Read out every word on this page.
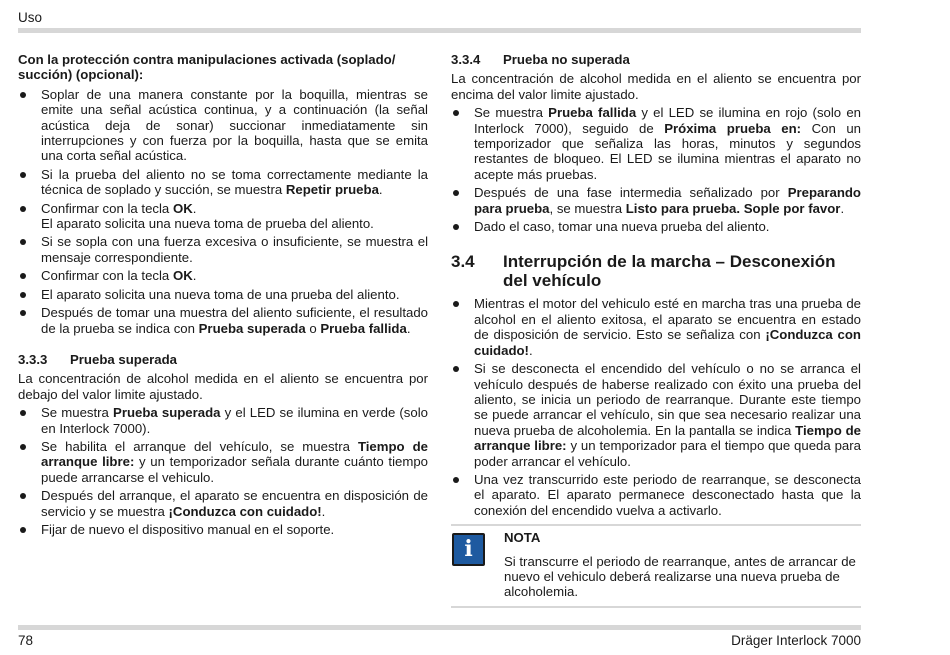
Uso
Con la protección contra manipulaciones activada (soplado/ succión) (opcional):
Soplar de una manera constante por la boquilla, mientras se emite una señal acústica continua, y a continuación (la señal acústica deja de sonar) succionar inmediatamente sin interrupciones y con fuerza por la boquilla, hasta que se emita una corta señal acústica.
Si la prueba del aliento no se toma correctamente mediante la técnica de soplado y succión, se muestra Repetir prueba.
Confirmar con la tecla OK.
El aparato solicita una nueva toma de prueba del aliento.
Si se sopla con una fuerza excesiva o insuficiente, se muestra el mensaje correspondiente.
Confirmar con la tecla OK.
El aparato solicita una nueva toma de una prueba del aliento.
Después de tomar una muestra del aliento suficiente, el resultado de la prueba se indica con Prueba superada o Prueba fallida.
3.3.3 Prueba superada
La concentración de alcohol medida en el aliento se encuentra por debajo del valor limite ajustado.
Se muestra Prueba superada y el LED se ilumina en verde (solo en Interlock 7000).
Se habilita el arranque del vehículo, se muestra Tiempo de arranque libre: y un temporizador señala durante cuánto tiempo puede arrancarse el vehiculo.
Después del arranque, el aparato se encuentra en disposición de servicio y se muestra ¡Conduzca con cuidado!.
Fijar de nuevo el dispositivo manual en el soporte.
3.3.4 Prueba no superada
La concentración de alcohol medida en el aliento se encuentra por encima del valor limite ajustado.
Se muestra Prueba fallida y el LED se ilumina en rojo (solo en Interlock 7000), seguido de Próxima prueba en: Con un temporizador que señaliza las horas, minutos y segundos restantes de bloqueo. El LED se ilumina mientras el aparato no acepte más pruebas.
Después de una fase intermedia señalizado por Preparando para prueba, se muestra Listo para prueba. Sople por favor.
Dado el caso, tomar una nueva prueba del aliento.
3.4	Interrupción de la marcha – Desconexión del vehículo
Mientras el motor del vehiculo esté en marcha tras una prueba de alcohol en el aliento exitosa, el aparato se encuentra en estado de disposición de servicio. Esto se señaliza con ¡Conduzca con cuidado!.
Si se desconecta el encendido del vehículo o no se arranca el vehículo después de haberse realizado con éxito una prueba del aliento, se inicia un periodo de rearranque. Durante este tiempo se puede arrancar el vehículo, sin que sea necesario realizar una nueva prueba de alcoholemia. En la pantalla se indica Tiempo de arranque libre: y un temporizador para el tiempo que queda para poder arrancar el vehículo.
Una vez transcurrido este periodo de rearranque, se desconecta el aparato. El aparato permanece desconectado hasta que la conexión del encendido vuelva a activarlo.
i	NOTA
Si transcurre el periodo de rearranque, antes de arrancar de nuevo el vehiculo deberá realizarse una nueva prueba de alcoholemia.
78	Dräger Interlock 7000
